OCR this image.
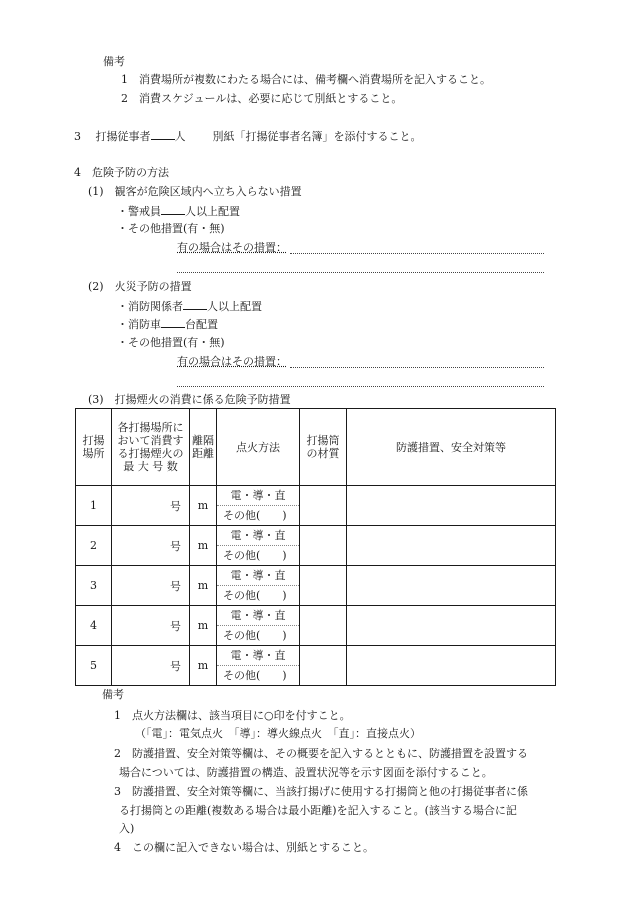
備考
1　消費場所が複数にわたる場合には、備考欄へ消費場所を記入すること。
2　消費スケジュールは、必要に応じて別紙とすること。
3　 打揚従事者 人 別紙「打揚従事者名簿」を添付すること。
4　危険予防の方法
(1)　観客が危険区域内へ立ち入らない措置
・警戒員 人以上配置
・その他措置(有・無)
有の場合はその措置：
(2)　火災予防の措置
・消防関係者 人以上配置
・消防車 台配置
・その他措置(有・無)
有の場合はその措置：
(3)　打揚煙火の消費に係る危険予防措置
打揚
場所	各打揚場所に
おいて消費す
る打揚煙火の
最 大 号 数	離隔
距離	点火方法	打揚筒
の材質	防護措置、安全対策等
1	号	m	電・導・直
その他(　　)		

2	号	m	電・導・直
その他(　　)		

3	号	m	電・導・直
その他(　　)		

4	号	m	電・導・直
その他(　　)		

5	号	m	電・導・直
その他(　　)		

備考
1　点火方法欄は、該当項目に○印を付すこと。
（「電」：電気点火　「導」：導火線点火　「直」：直接点火）
2　防護措置、安全対策等欄は、その概要を記入するとともに、防護措置を設置する
場合については、防護措置の構造、設置状況等を示す図面を添付すること。
3　防護措置、安全対策等欄に、当該打揚げに使用する打揚筒と他の打揚従事者に係
る打揚筒との距離(複数ある場合は最小距離)を記入すること。(該当する場合に記
入)
4　この欄に記入できない場合は、別紙とすること。
